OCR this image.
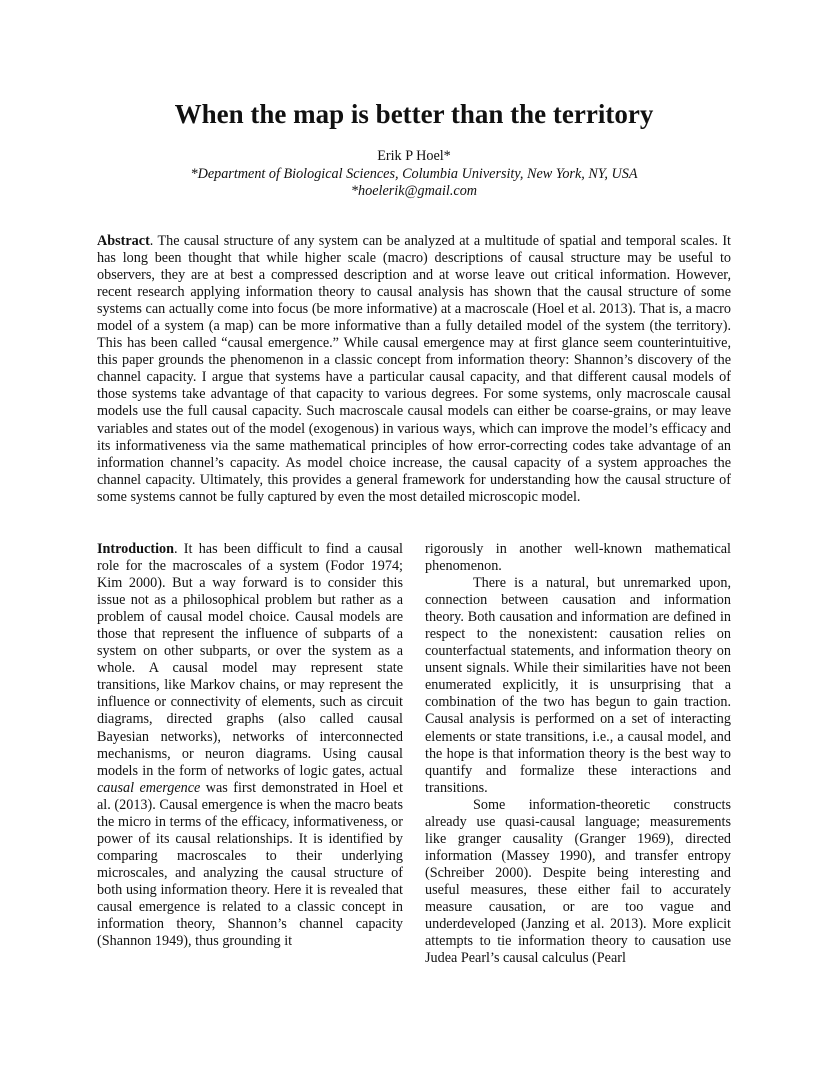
When the map is better than the territory
Erik P Hoel*
*Department of Biological Sciences, Columbia University, New York, NY, USA
*hoelerik@gmail.com

Abstract. The causal structure of any system can be analyzed at a multitude of spatial and temporal scales. It has long been thought that while higher scale (macro) descriptions of causal structure may be useful to observers, they are at best a compressed description and at worse leave out critical information. However, recent research applying information theory to causal analysis has shown that the causal structure of some systems can actually come into focus (be more informative) at a macroscale (Hoel et al. 2013). That is, a macro model of a system (a map) can be more informative than a fully detailed model of the system (the territory). This has been called “causal emergence.” While causal emergence may at first glance seem counterintuitive, this paper grounds the phenomenon in a classic concept from information theory: Shannon’s discovery of the channel capacity. I argue that systems have a particular causal capacity, and that different causal models of those systems take advantage of that capacity to various degrees. For some systems, only macroscale causal models use the full causal capacity. Such macroscale causal models can either be coarse-grains, or may leave variables and states out of the model (exogenous) in various ways, which can improve the model’s efficacy and its informativeness via the same mathematical principles of how error-correcting codes take advantage of an information channel’s capacity. As model choice increase, the causal capacity of a system approaches the channel capacity. Ultimately, this provides a general framework for understanding how the causal structure of some systems cannot be fully captured by even the most detailed microscopic model.

Introduction. It has been difficult to find a causal role for the macroscales of a system (Fodor 1974; Kim 2000). But a way forward is to consider this issue not as a philosophical problem but rather as a problem of causal model choice. Causal models are those that represent the influence of subparts of a system on other subparts, or over the system as a whole. A causal model may represent state transitions, like Markov chains, or may represent the influence or connectivity of elements, such as circuit diagrams, directed graphs (also called causal Bayesian networks), networks of interconnected mechanisms, or neuron diagrams. Using causal models in the form of networks of logic gates, actual causal emergence was first demonstrated in Hoel et al. (2013). Causal emergence is when the macro beats the micro in terms of the efficacy, informativeness, or power of its causal relationships. It is identified by comparing macroscales to their underlying microscales, and analyzing the causal structure of both using information theory. Here it is revealed that causal emergence is related to a classic concept in information theory, Shannon’s channel capacity (Shannon 1949), thus grounding it

rigorously in another well-known mathematical phenomenon.

There is a natural, but unremarked upon, connection between causation and information theory. Both causation and information are defined in respect to the nonexistent: causation relies on counterfactual statements, and information theory on unsent signals. While their similarities have not been enumerated explicitly, it is unsurprising that a combination of the two has begun to gain traction. Causal analysis is performed on a set of interacting elements or state transitions, i.e., a causal model, and the hope is that information theory is the best way to quantify and formalize these interactions and transitions.

Some information-theoretic constructs already use quasi-causal language; measurements like granger causality (Granger 1969), directed information (Massey 1990), and transfer entropy (Schreiber 2000). Despite being interesting and useful measures, these either fail to accurately measure causation, or are too vague and underdeveloped (Janzing et al. 2013). More explicit attempts to tie information theory to causation use Judea Pearl’s causal calculus (Pearl
